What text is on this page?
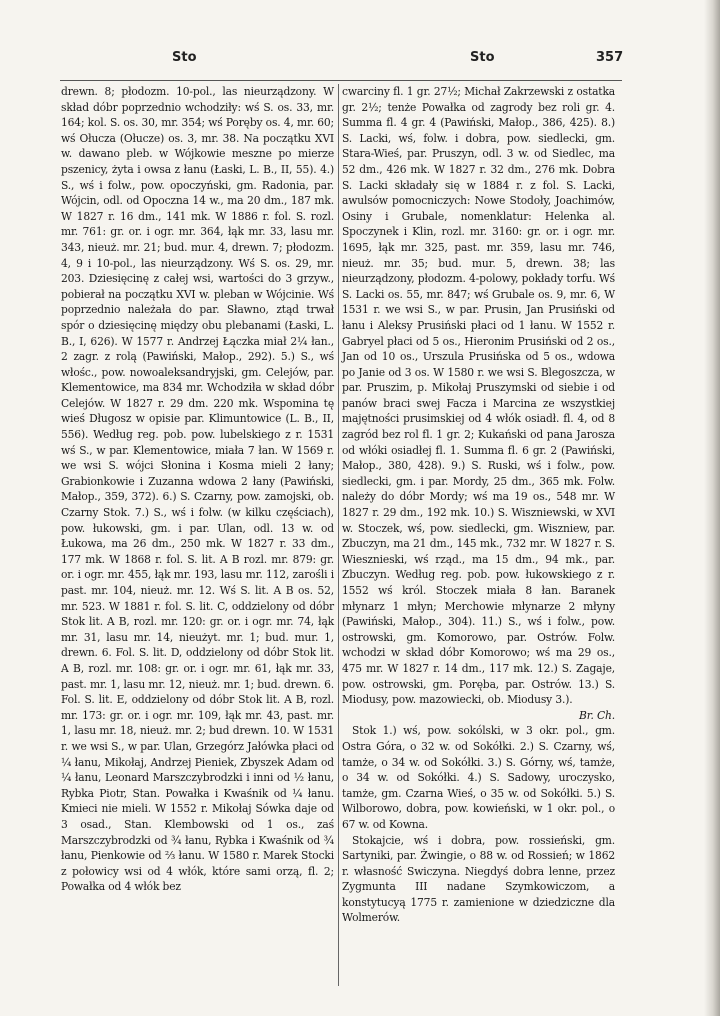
Sto	Sto	357

drewn. 8; płodozm. 10-pol., las nieurządzony. W skład dóbr poprzednio wchodziły: wś S. os. 33, mr. 164; kol. S. os. 30, mr. 354; wś Poręby os. 4, mr. 60; wś Ołucza (Ołucze) os. 3, mr. 38. Na początku XVI w. dawano pleb. w Wójkowie meszne po mierze pszenicy, żyta i owsa z łanu (Łaski, L. B., II, 55). 4.) S., wś i folw., pow. opoczyński, gm. Radonia, par. Wójcin, odl. od Opoczna 14 w., ma 20 dm., 187 mk. W 1827 r. 16 dm., 141 mk. W 1886 r. fol. S. rozl. mr. 761: gr. or. i ogr. mr. 364, łąk mr. 33, lasu mr. 343, nieuż. mr. 21; bud. mur. 4, drewn. 7; płodozm. 4, 9 i 10-pol., las nieurządzony. Wś S. os. 29, mr. 203. Dziesięcinę z całej wsi, wartości do 3 grzyw., pobierał na początku XVI w. pleban w Wójcinie. Wś poprzednio należała do par. Sławno, ztąd trwał spór o dziesięcinę między obu plebanami (Łaski, L. B., I, 626). W 1577 r. Andrzej Łączka miał 2¼ łan., 2 zagr. z rolą (Pawiński, Małop., 292). 5.) S., wś włośc., pow. nowoaleksandryjski, gm. Celejów, par. Klementowice, ma 834 mr. Wchodziła w skład dóbr Celejów. W 1827 r. 29 dm. 220 mk. Wspomina tę wieś Długosz w opisie par. Klimuntowice (L. B., II, 556). Według reg. pob. pow. lubelskiego z r. 1531 wś S., w par. Klementowice, miała 7 łan. W 1569 r. we wsi S. wójci Słonina i Kosma mieli 2 łany; Grabionkowie i Zuzanna wdowa 2 łany (Pawiński, Małop., 359, 372). 6.) S. Czarny, pow. zamojski, ob. Czarny Stok. 7.) S., wś i folw. (w kilku częściach), pow. łukowski, gm. i par. Ulan, odl. 13 w. od Łukowa, ma 26 dm., 250 mk. W 1827 r. 33 dm., 177 mk. W 1868 r. fol. S. lit. A B rozl. mr. 879: gr. or. i ogr. mr. 455, łąk mr. 193, lasu mr. 112, zarośli i past. mr. 104, nieuż. mr. 12. Wś S. lit. A B os. 52, mr. 523. W 1881 r. fol. S. lit. C, oddzielony od dóbr Stok lit. A B, rozl. mr. 120: gr. or. i ogr. mr. 74, łąk mr. 31, lasu mr. 14, nieużyt. mr. 1; bud. mur. 1, drewn. 6. Fol. S. lit. D, oddzielony od dóbr Stok lit. A B, rozl. mr. 108: gr. or. i ogr. mr. 61, łąk mr. 33, past. mr. 1, lasu mr. 12, nieuż. mr. 1; bud. drewn. 6. Fol. S. lit. E, oddzielony od dóbr Stok lit. A B, rozl. mr. 173: gr. or. i ogr. mr. 109, łąk mr. 43, past. mr. 1, lasu mr. 18, nieuż. mr. 2; bud drewn. 10. W 1531 r. we wsi S., w par. Ulan, Grzegórz Jałówka płaci od ¼ łanu, Mikołaj, Andrzej Pieniek, Zbyszek Adam od ¼ łanu, Leonard Marszczybrodzki i inni od ½ łanu, Rybka Piotr, Stan. Powałka i Kwaśnik od ¼ łanu. Kmieci nie mieli. W 1552 r. Mikołaj Sówka daje od 3 osad., Stan. Klembowski od 1 os., zaś Marszczybrodzki od ¾ łanu, Rybka i Kwaśnik od ¾ łanu, Pienkowie od ⅔ łanu. W 1580 r. Marek Stocki z połowicy wsi od 4 włók, które sami orzą, fl. 2; Powałka od 4 włók bez

cwarciny fl. 1 gr. 27½; Michał Zakrzewski z ostatka gr. 2½; tenże Powałka od zagrody bez roli gr. 4. Summa fl. 4 gr. 4 (Pawiński, Małop., 386, 425). 8.) S. Lacki, wś, folw. i dobra, pow. siedlecki, gm. Stara-Wieś, par. Pruszyn, odl. 3 w. od Siedlec, ma 52 dm., 426 mk. W 1827 r. 32 dm., 276 mk. Dobra S. Lacki składały się w 1884 r. z fol. S. Lacki, awulsów pomocniczych: Nowe Stodoły, Joachimów, Osiny i Grubale, nomenklatur: Helenka al. Spoczynek i Klin, rozl. mr. 3160: gr. or. i ogr. mr. 1695, łąk mr. 325, past. mr. 359, lasu mr. 746, nieuż. mr. 35; bud. mur. 5, drewn. 38; las nieurządzony, płodozm. 4-polowy, pokłady torfu. Wś S. Lacki os. 55, mr. 847; wś Grubale os. 9, mr. 6, W 1531 r. we wsi S., w par. Prusin, Jan Prusiński od łanu i Aleksy Prusiński płaci od 1 łanu. W 1552 r. Gabryel płaci od 5 os., Hieronim Prusiński od 2 os., Jan od 10 os., Urszula Prusińska od 5 os., wdowa po Janie od 3 os. W 1580 r. we wsi S. Blegoszcza, w par. Pruszim, p. Mikołaj Pruszymski od siebie i od panów braci swej Facza i Marcina ze wszystkiej majętności prusimskiej od 4 włók osiadł. fl. 4, od 8 zagród bez rol fl. 1 gr. 2; Kukański od pana Jarosza od włóki osiadłej fl. 1. Summa fl. 6 gr. 2 (Pawiński, Małop., 380, 428). 9.) S. Ruski, wś i folw., pow. siedlecki, gm. i par. Mordy, 25 dm., 365 mk. Folw. należy do dóbr Mordy; wś ma 19 os., 548 mr. W 1827 r. 29 dm., 192 mk. 10.) S. Wiszniewski, w XVI w. Stoczek, wś, pow. siedlecki, gm. Wiszniew, par. Zbuczyn, ma 21 dm., 145 mk., 732 mr. W 1827 r. S. Wiesznieski, wś rząd., ma 15 dm., 94 mk., par. Zbuczyn. Według reg. pob. pow. łukowskiego z r. 1552 wś król. Stoczek miała 8 łan. Baranek młynarz 1 młyn; Merchowie młynarze 2 młyny (Pawiński, Małop., 304). 11.) S., wś i folw., pow. ostrowski, gm. Komorowo, par. Ostrów. Folw. wchodzi w skład dóbr Komorowo; wś ma 29 os., 475 mr. W 1827 r. 14 dm., 117 mk. 12.) S. Zagaje, pow. ostrowski, gm. Poręba, par. Ostrów. 13.) S. Miodusy, pow. mazowiecki, ob. Miodusy 3.).

Br. Ch.

Stok 1.) wś, pow. sokólski, w 3 okr. pol., gm. Ostra Góra, o 32 w. od Sokółki. 2.) S. Czarny, wś, tamże, o 34 w. od Sokółki. 3.) S. Górny, wś, tamże, o 34 w. od Sokółki. 4.) S. Sadowy, uroczysko, tamże, gm. Czarna Wieś, o 35 w. od Sokółki. 5.) S. Wilborowo, dobra, pow. kowieński, w 1 okr. pol., o 67 w. od Kowna.

Stokajcie, wś i dobra, pow. rossieński, gm. Sartyniki, par. Żwingie, o 88 w. od Rossień; w 1862 r. własność Swiczyna. Niegdyś dobra lenne, przez Zygmunta III nadane Szymkowiczom, a konstytucyą 1775 r. zamienione w dziedziczne dla Wolmerów.
